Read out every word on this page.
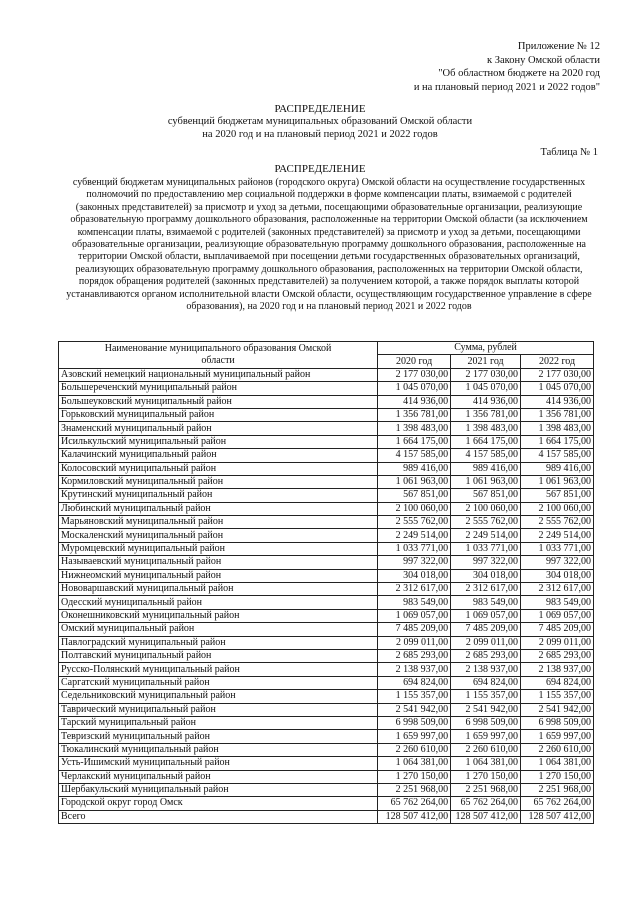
Приложение № 12
к Закону Омской области
"Об областном бюджете на 2020 год
и на плановый период 2021 и 2022 годов"
РАСПРЕДЕЛЕНИЕ
субвенций бюджетам муниципальных образований Омской области
на 2020 год и на плановый период 2021 и 2022 годов
Таблица № 1
РАСПРЕДЕЛЕНИЕ
субвенций бюджетам муниципальных районов (городского округа) Омской области на осуществление государственных полномочий по предоставлению мер социальной поддержки в форме компенсации платы, взимаемой с родителей (законных представителей) за присмотр и уход за детьми, посещающими образовательные организации, реализующие образовательную программу дошкольного образования, расположенные на территории Омской области (за исключением компенсации платы, взимаемой с родителей (законных представителей) за присмотр и уход за детьми, посещающими образовательные организации, реализующие образовательную программу дошкольного образования, расположенные на территории Омской области, выплачиваемой при посещении детьми государственных образовательных организаций, реализующих образовательную программу дошкольного образования, расположенных на территории Омской области, порядок обращения родителей (законных представителей) за получением которой, а также порядок выплаты которой устанавливаются органом исполнительной власти Омской области, осуществляющим государственное управление в сфере образования), на 2020 год и на плановый период 2021 и 2022 годов
Наименование муниципального образования Омской области	Сумма, рублей		
	2020 год	2021 год	2022 год
Азовский немецкий национальный муниципальный район	2 177 030,00	2 177 030,00	2 177 030,00
Большереченский муниципальный район	1 045 070,00	1 045 070,00	1 045 070,00
Большеуковский муниципальный район	414 936,00	414 936,00	414 936,00
Горьковский муниципальный район	1 356 781,00	1 356 781,00	1 356 781,00
Знаменский муниципальный район	1 398 483,00	1 398 483,00	1 398 483,00
Исилькульский муниципальный район	1 664 175,00	1 664 175,00	1 664 175,00
Калачинский муниципальный район	4 157 585,00	4 157 585,00	4 157 585,00
Колосовский муниципальный район	989 416,00	989 416,00	989 416,00
Кормиловский муниципальный район	1 061 963,00	1 061 963,00	1 061 963,00
Крутинский муниципальный район	567 851,00	567 851,00	567 851,00
Любинский муниципальный район	2 100 060,00	2 100 060,00	2 100 060,00
Марьяновский муниципальный район	2 555 762,00	2 555 762,00	2 555 762,00
Москаленский муниципальный район	2 249 514,00	2 249 514,00	2 249 514,00
Муромцевский муниципальный район	1 033 771,00	1 033 771,00	1 033 771,00
Называевский муниципальный район	997 322,00	997 322,00	997 322,00
Нижнеомский муниципальный район	304 018,00	304 018,00	304 018,00
Нововаршавский муниципальный район	2 312 617,00	2 312 617,00	2 312 617,00
Одесский муниципальный район	983 549,00	983 549,00	983 549,00
Оконешниковский муниципальный район	1 069 057,00	1 069 057,00	1 069 057,00
Омский муниципальный район	7 485 209,00	7 485 209,00	7 485 209,00
Павлоградский муниципальный район	2 099 011,00	2 099 011,00	2 099 011,00
Полтавский муниципальный район	2 685 293,00	2 685 293,00	2 685 293,00
Русско-Полянский муниципальный район	2 138 937,00	2 138 937,00	2 138 937,00
Саргатский муниципальный район	694 824,00	694 824,00	694 824,00
Седельниковский муниципальный район	1 155 357,00	1 155 357,00	1 155 357,00
Таврический муниципальный район	2 541 942,00	2 541 942,00	2 541 942,00
Тарский муниципальный район	6 998 509,00	6 998 509,00	6 998 509,00
Тевризский муниципальный район	1 659 997,00	1 659 997,00	1 659 997,00
Тюкалинский муниципальный район	2 260 610,00	2 260 610,00	2 260 610,00
Усть-Ишимский муниципальный район	1 064 381,00	1 064 381,00	1 064 381,00
Черлакский муниципальный район	1 270 150,00	1 270 150,00	1 270 150,00
Шербакульский муниципальный район	2 251 968,00	2 251 968,00	2 251 968,00
Городской округ город Омск	65 762 264,00	65 762 264,00	65 762 264,00
Всего	128 507 412,00	128 507 412,00	128 507 412,00
